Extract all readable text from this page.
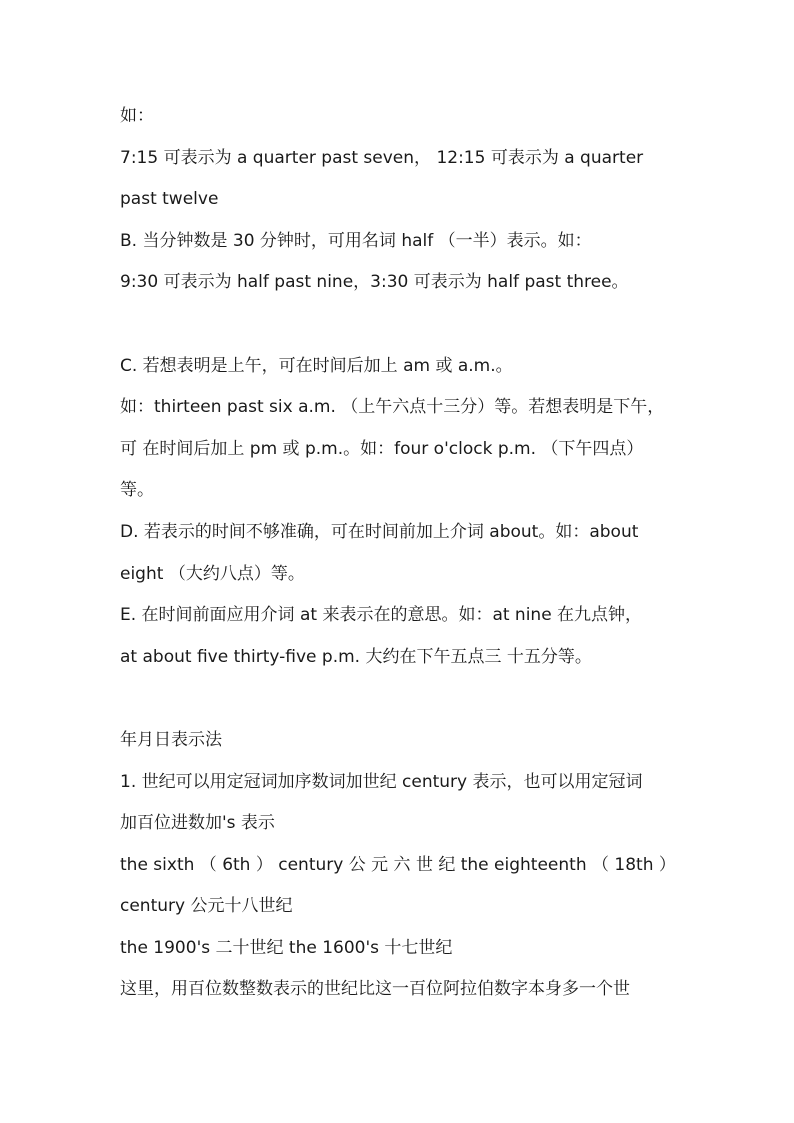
如：
7:15 可表示为 a quarter past seven， 12:15 可表示为 a quarter
past twelve
B. 当分钟数是 30 分钟时，可用名词 half （一半）表示。如：
9:30 可表示为 half past nine，3:30 可表示为 half past three。
C. 若想表明是上午，可在时间后加上 am 或 a.m.。
如：thirteen past six a.m. （上午六点十三分）等。若想表明是下午，
可 在时间后加上 pm 或 p.m.。如：four o'clock p.m. （下午四点）
等。
D. 若表示的时间不够准确，可在时间前加上介词 about。如：about
eight （大约八点）等。
E. 在时间前面应用介词 at 来表示在的意思。如：at nine 在九点钟，
at about five thirty-five p.m. 大约在下午五点三 十五分等。
年月日表示法
1. 世纪可以用定冠词加序数词加世纪 century 表示，也可以用定冠词
加百位进数加's 表示
the sixth （ 6th ） century 公 元 六 世 纪 the eighteenth （ 18th ）
century 公元十八世纪
the 1900's 二十世纪 the 1600's 十七世纪
这里，用百位数整数表示的世纪比这一百位阿拉伯数字本身多一个世
